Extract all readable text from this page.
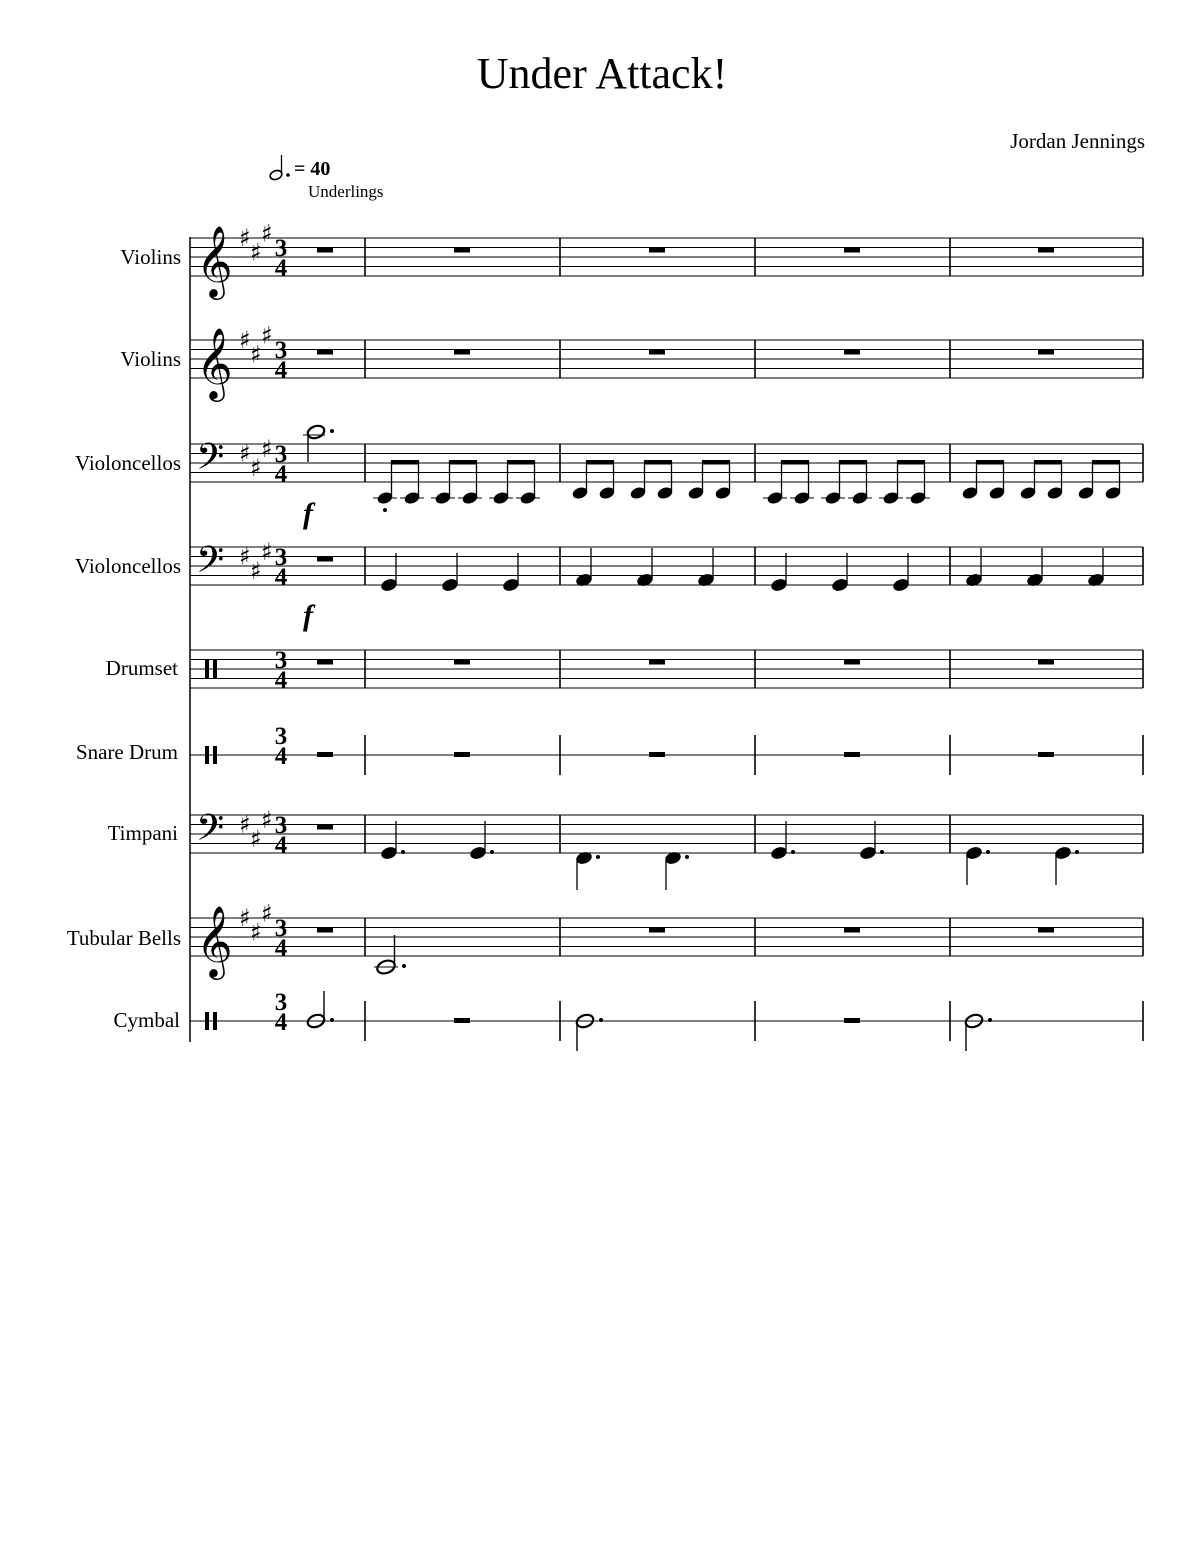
Under Attack!
Jordan Jennings
= 40
Underlings
Violins
Violins
Violoncellos
Violoncellos
Drumset
Snare Drum
Timpani
Tubular Bells
Cymbal
𝄞 ♯
♯
♯
3
4
𝄞 ♯
♯
♯
3
4
𝄢 ♯
♯
♯ 3
4
𝄢 ♯
♯
♯ 3
4
3
4
3
4
𝄢 ♯
♯
♯ 3
4
𝄞 ♯
♯
♯
3
4
3
4
f
f
